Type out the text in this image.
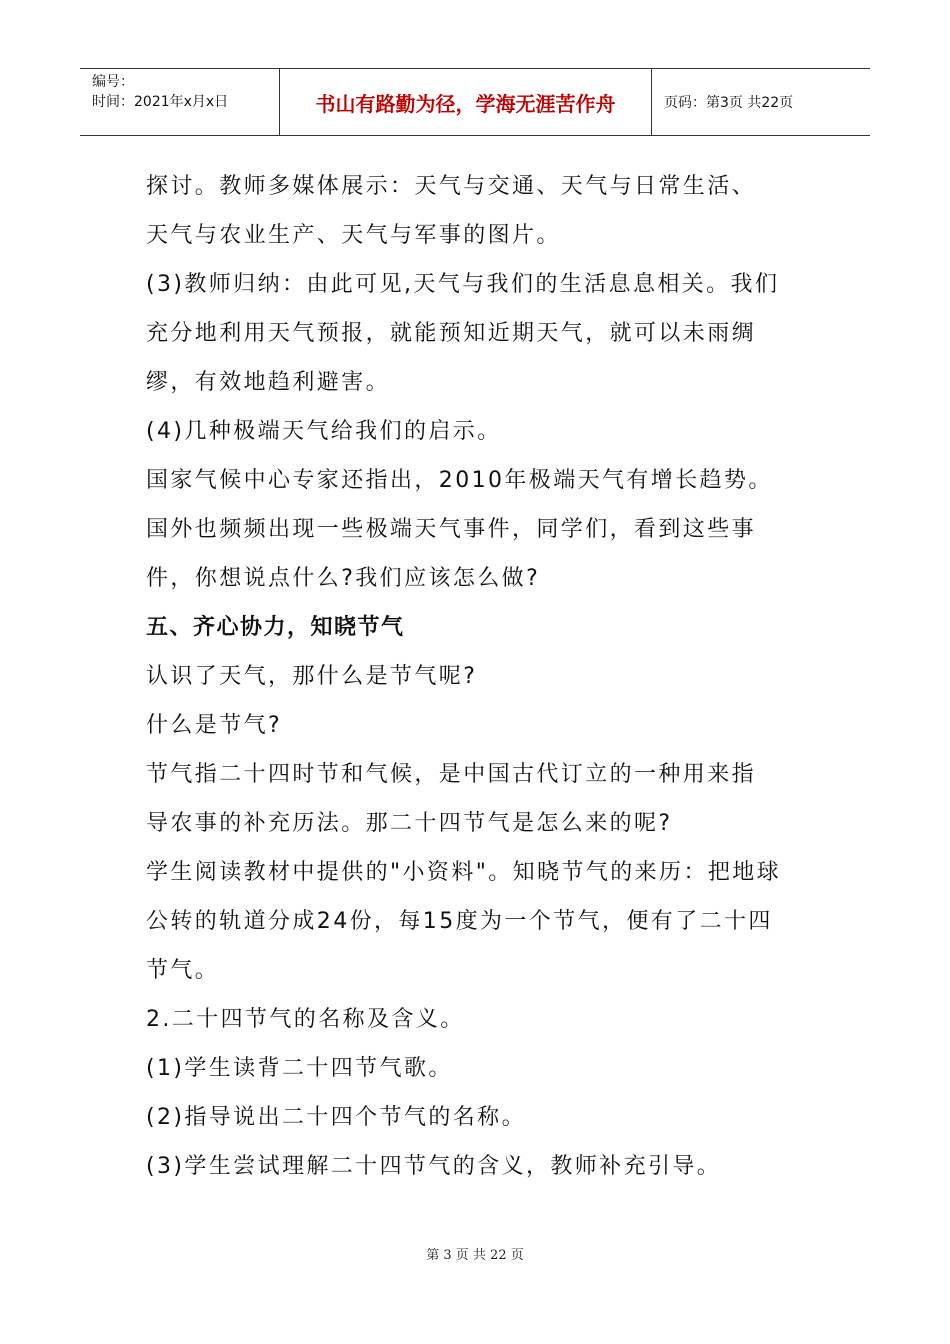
编号：
时间：2021年x月x日	书山有路勤为径，学海无涯苦作舟	页码：第3页 共22页

探讨。教师多媒体展示：天气与交通、天气与日常生活、

天气与农业生产、天气与军事的图片。

(3)教师归纳：由此可见,天气与我们的生活息息相关。我们

充分地利用天气预报，就能预知近期天气，就可以未雨绸

缪，有效地趋利避害。

(4)几种极端天气给我们的启示。

国家气候中心专家还指出，2010年极端天气有增长趋势。

国外也频频出现一些极端天气事件，同学们，看到这些事

件，你想说点什么?我们应该怎么做?

五、齐心协力，知晓节气

认识了天气，那什么是节气呢?

什么是节气?

节气指二十四时节和气候，是中国古代订立的一种用来指

导农事的补充历法。那二十四节气是怎么来的呢?

学生阅读教材中提供的"小资料"。知晓节气的来历：把地球

公转的轨道分成24份，每15度为一个节气，便有了二十四

节气。

2.二十四节气的名称及含义。

(1)学生读背二十四节气歌。

(2)指导说出二十四个节气的名称。

(3)学生尝试理解二十四节气的含义，教师补充引导。

第 3 页 共 22 页
